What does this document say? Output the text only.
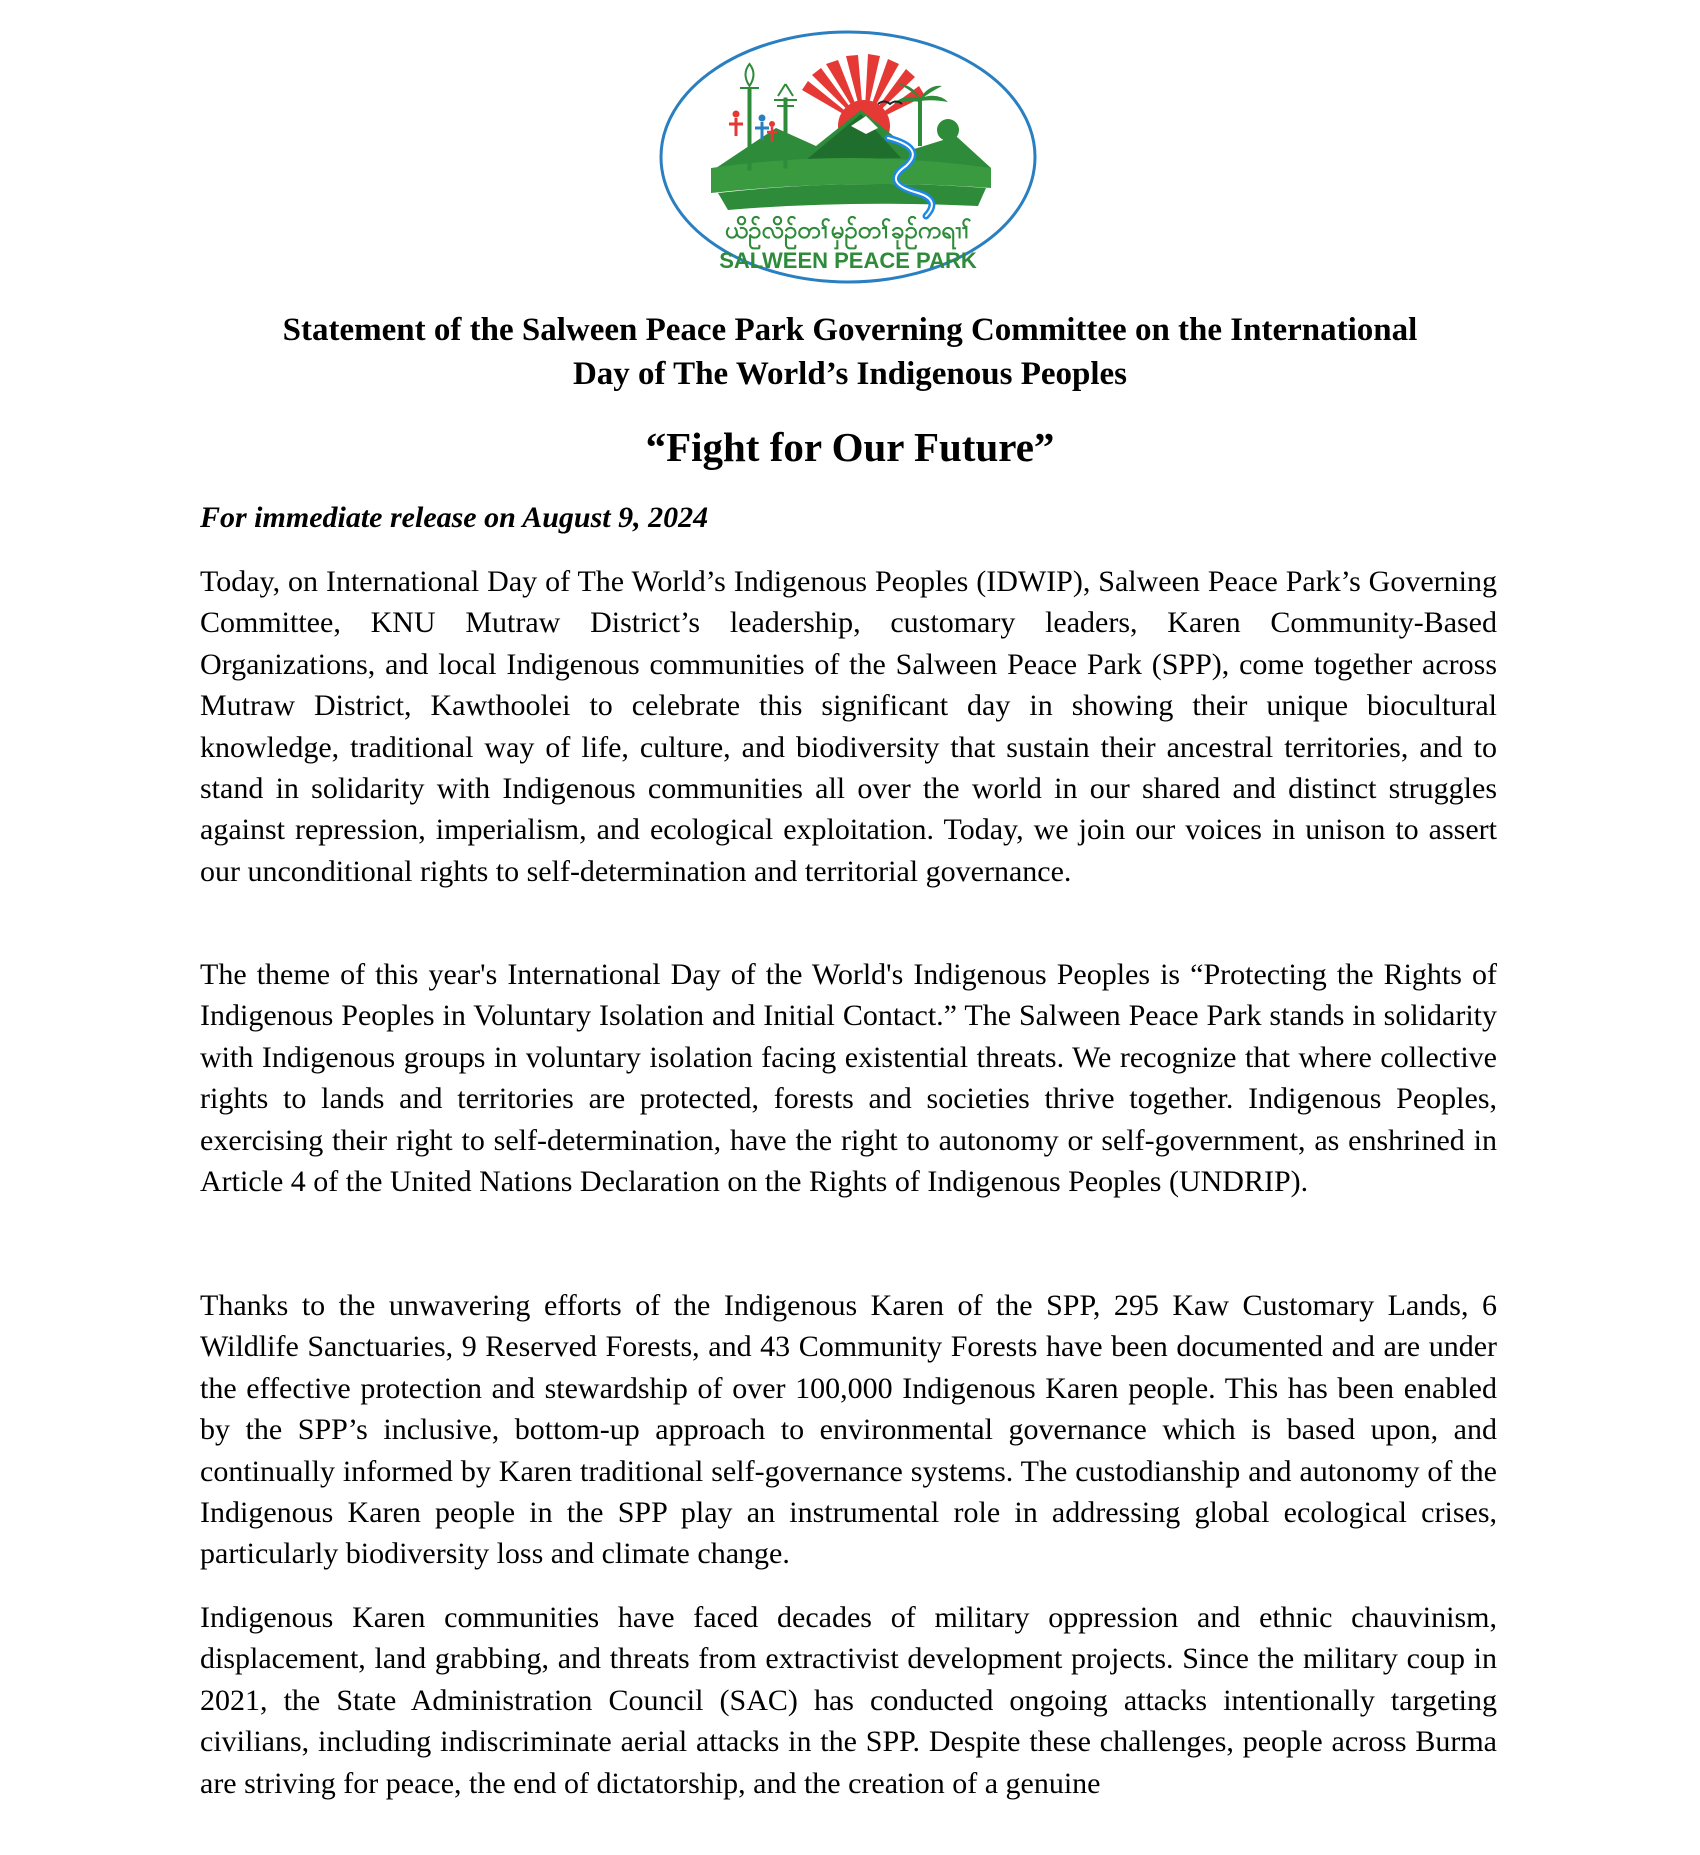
ယိဉ်လိဉ်တၢ်မှဉ်တၢ်ခုဉ်ကရၢၢ်
SALWEEN PEACE PARK
Statement of the Salween Peace Park Governing Committee on the International
Day of The World’s Indigenous Peoples
“Fight for Our Future”
For immediate release on August 9, 2024

Today, on International Day of The World’s Indigenous Peoples (IDWIP), Salween Peace Park’s Governing Committee, KNU Mutraw District’s leadership, customary leaders, Karen Community-Based Organizations, and local Indigenous communities of the Salween Peace Park (SPP), come together across Mutraw District, Kawthoolei to celebrate this significant day in showing their unique biocultural knowledge, traditional way of life, culture, and biodiversity that sustain their ancestral territories, and to stand in solidarity with Indigenous communities all over the world in our shared and distinct struggles against repression, imperialism, and ecological exploitation. Today, we join our voices in unison to assert our unconditional rights to self-determination and territorial governance.

The theme of this year's International Day of the World's Indigenous Peoples is “Protecting the Rights of Indigenous Peoples in Voluntary Isolation and Initial Contact.” The Salween Peace Park stands in solidarity with Indigenous groups in voluntary isolation facing existential threats. We recognize that where collective rights to lands and territories are protected, forests and societies thrive together. Indigenous Peoples, exercising their right to self-determination, have the right to autonomy or self-government, as enshrined in Article 4 of the United Nations Declaration on the Rights of Indigenous Peoples (UNDRIP).

Thanks to the unwavering efforts of the Indigenous Karen of the SPP, 295 Kaw Customary Lands, 6 Wildlife Sanctuaries, 9 Reserved Forests, and 43 Community Forests have been documented and are under the effective protection and stewardship of over 100,000 Indigenous Karen people. This has been enabled by the SPP’s inclusive, bottom-up approach to environmental governance which is based upon, and continually informed by Karen traditional self-governance systems. The custodianship and autonomy of the Indigenous Karen people in the SPP play an instrumental role in addressing global ecological crises, particularly biodiversity loss and climate change.

Indigenous Karen communities have faced decades of military oppression and ethnic chauvinism, displacement, land grabbing, and threats from extractivist development projects. Since the military coup in 2021, the State Administration Council (SAC) has conducted ongoing attacks intentionally targeting civilians, including indiscriminate aerial attacks in the SPP. Despite these challenges, people across Burma are striving for peace, the end of dictatorship, and the creation of a genuine
